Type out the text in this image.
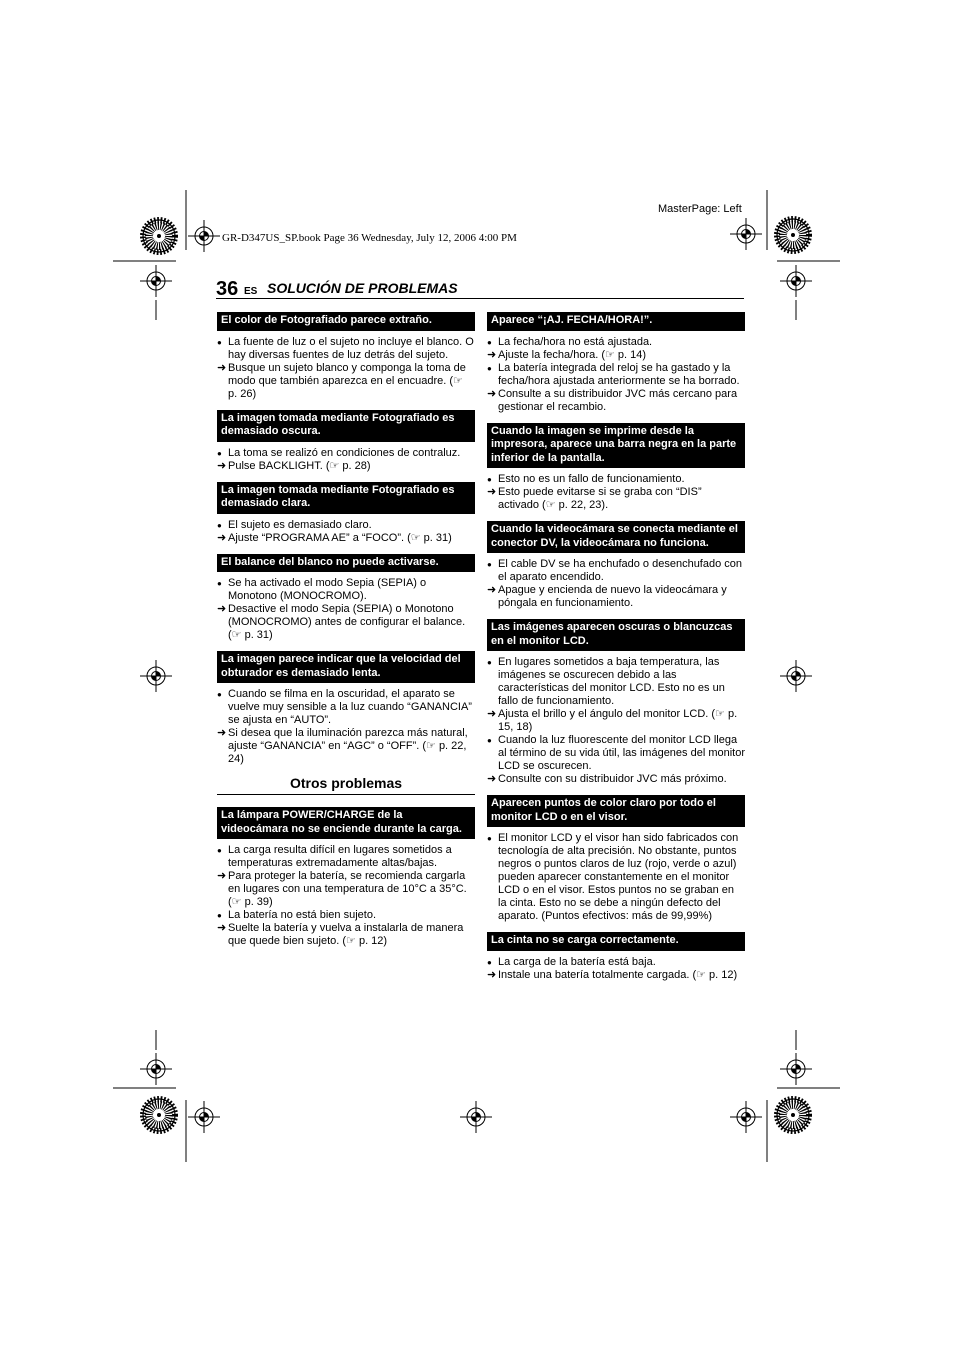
MasterPage: Left
GR-D347US_SP.book Page 36 Wednesday, July 12, 2006 4:00 PM
36 ES SOLUCIÓN DE PROBLEMAS
El color de Fotografiado parece extraño.
● La fuente de luz o el sujeto no incluye el blanco. O hay diversas fuentes de luz detrás del sujeto.
➜ Busque un sujeto blanco y componga la toma de modo que también aparezca en el encuadre. (☞ p. 26)
La imagen tomada mediante Fotografiado es demasiado oscura.
● La toma se realizó en condiciones de contraluz.
➜ Pulse BACKLIGHT. (☞ p. 28)
La imagen tomada mediante Fotografiado es demasiado clara.
● El sujeto es demasiado claro.
➜ Ajuste “PROGRAMA AE” a “FOCO”. (☞ p. 31)
El balance del blanco no puede activarse.
● Se ha activado el modo Sepia (SEPIA) o Monotono (MONOCROMO).
➜ Desactive el modo Sepia (SEPIA) o Monotono (MONOCROMO) antes de configurar el balance. (☞ p. 31)
La imagen parece indicar que la velocidad del obturador es demasiado lenta.
● Cuando se filma en la oscuridad, el aparato se vuelve muy sensible a la luz cuando “GANANCIA” se ajusta en “AUTO”.
➜ Si desea que la iluminación parezca más natural, ajuste “GANANCIA” en “AGC” o “OFF”. (☞ p. 22, 24)
Otros problemas
La lámpara POWER/CHARGE de la videocámara no se enciende durante la carga.
● La carga resulta difícil en lugares sometidos a temperaturas extremadamente altas/bajas.
➜ Para proteger la batería, se recomienda cargarla en lugares con una temperatura de 10°C a 35°C. (☞ p. 39)
● La batería no está bien sujeto.
➜ Suelte la batería y vuelva a instalarla de manera que quede bien sujeto. (☞ p. 12)
Aparece “¡AJ. FECHA/HORA!”.
● La fecha/hora no está ajustada.
➜ Ajuste la fecha/hora. (☞ p. 14)
● La batería integrada del reloj se ha gastado y la fecha/hora ajustada anteriormente se ha borrado.
➜ Consulte a su distribuidor JVC más cercano para gestionar el recambio.
Cuando la imagen se imprime desde la impresora, aparece una barra negra en la parte inferior de la pantalla.
● Esto no es un fallo de funcionamiento.
➜ Esto puede evitarse si se graba con “DIS” activado (☞ p. 22, 23).
Cuando la videocámara se conecta mediante el conector DV, la videocámara no funciona.
● El cable DV se ha enchufado o desenchufado con el aparato encendido.
➜ Apague y encienda de nuevo la videocámara y póngala en funcionamiento.
Las imágenes aparecen oscuras o blancuzcas en el monitor LCD.
● En lugares sometidos a baja temperatura, las imágenes se oscurecen debido a las características del monitor LCD. Esto no es un fallo de funcionamiento.
➜ Ajusta el brillo y el ángulo del monitor LCD. (☞ p. 15, 18)
● Cuando la luz fluorescente del monitor LCD llega al término de su vida útil, las imágenes del monitor LCD se oscurecen.
➜ Consulte con su distribuidor JVC más próximo.
Aparecen puntos de color claro por todo el monitor LCD o en el visor.
● El monitor LCD y el visor han sido fabricados con tecnología de alta precisión. No obstante, puntos negros o puntos claros de luz (rojo, verde o azul) pueden aparecer constantemente en el monitor LCD o en el visor. Estos puntos no se graban en la cinta. Esto no se debe a ningún defecto del aparato. (Puntos efectivos: más de 99,99%)
La cinta no se carga correctamente.
● La carga de la batería está baja.
➜ Instale una batería totalmente cargada. (☞ p. 12)
